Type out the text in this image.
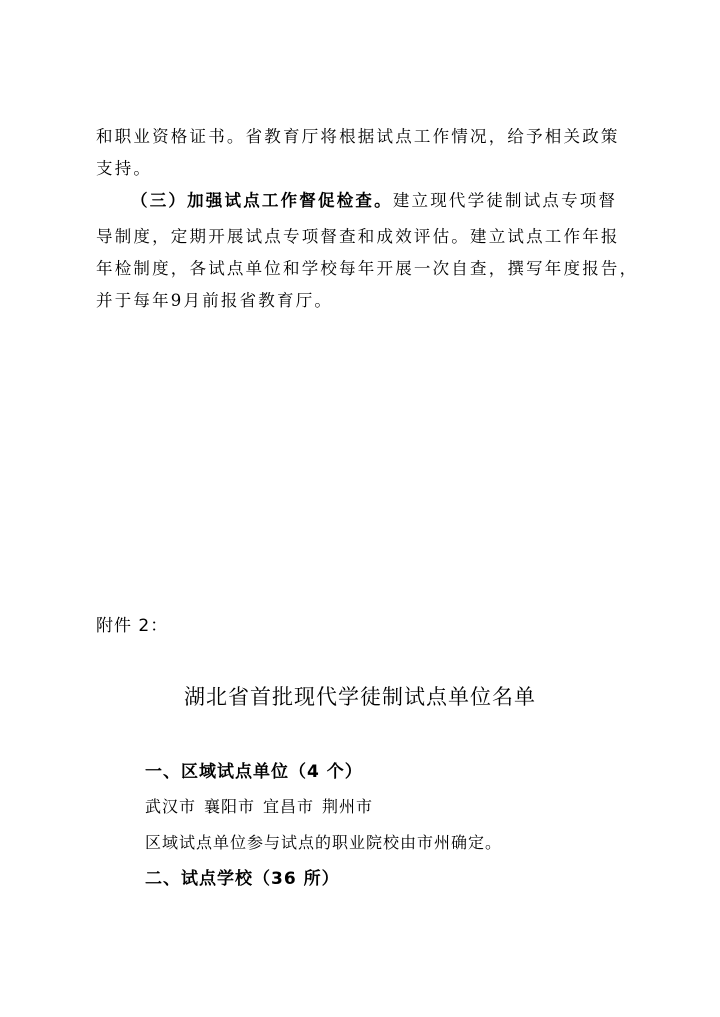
和职业资格证书。省教育厅将根据试点工作情况，给予相关政策
支持。
（三）加强试点工作督促检查。建立现代学徒制试点专项督
导制度，定期开展试点专项督查和成效评估。建立试点工作年报
年检制度，各试点单位和学校每年开展一次自查，撰写年度报告，
并于每年9月前报省教育厅。
附件 2：
湖北省首批现代学徒制试点单位名单
一、区域试点单位（4 个）
武汉市 襄阳市 宜昌市 荆州市
区域试点单位参与试点的职业院校由市州确定。
二、试点学校（36 所）
